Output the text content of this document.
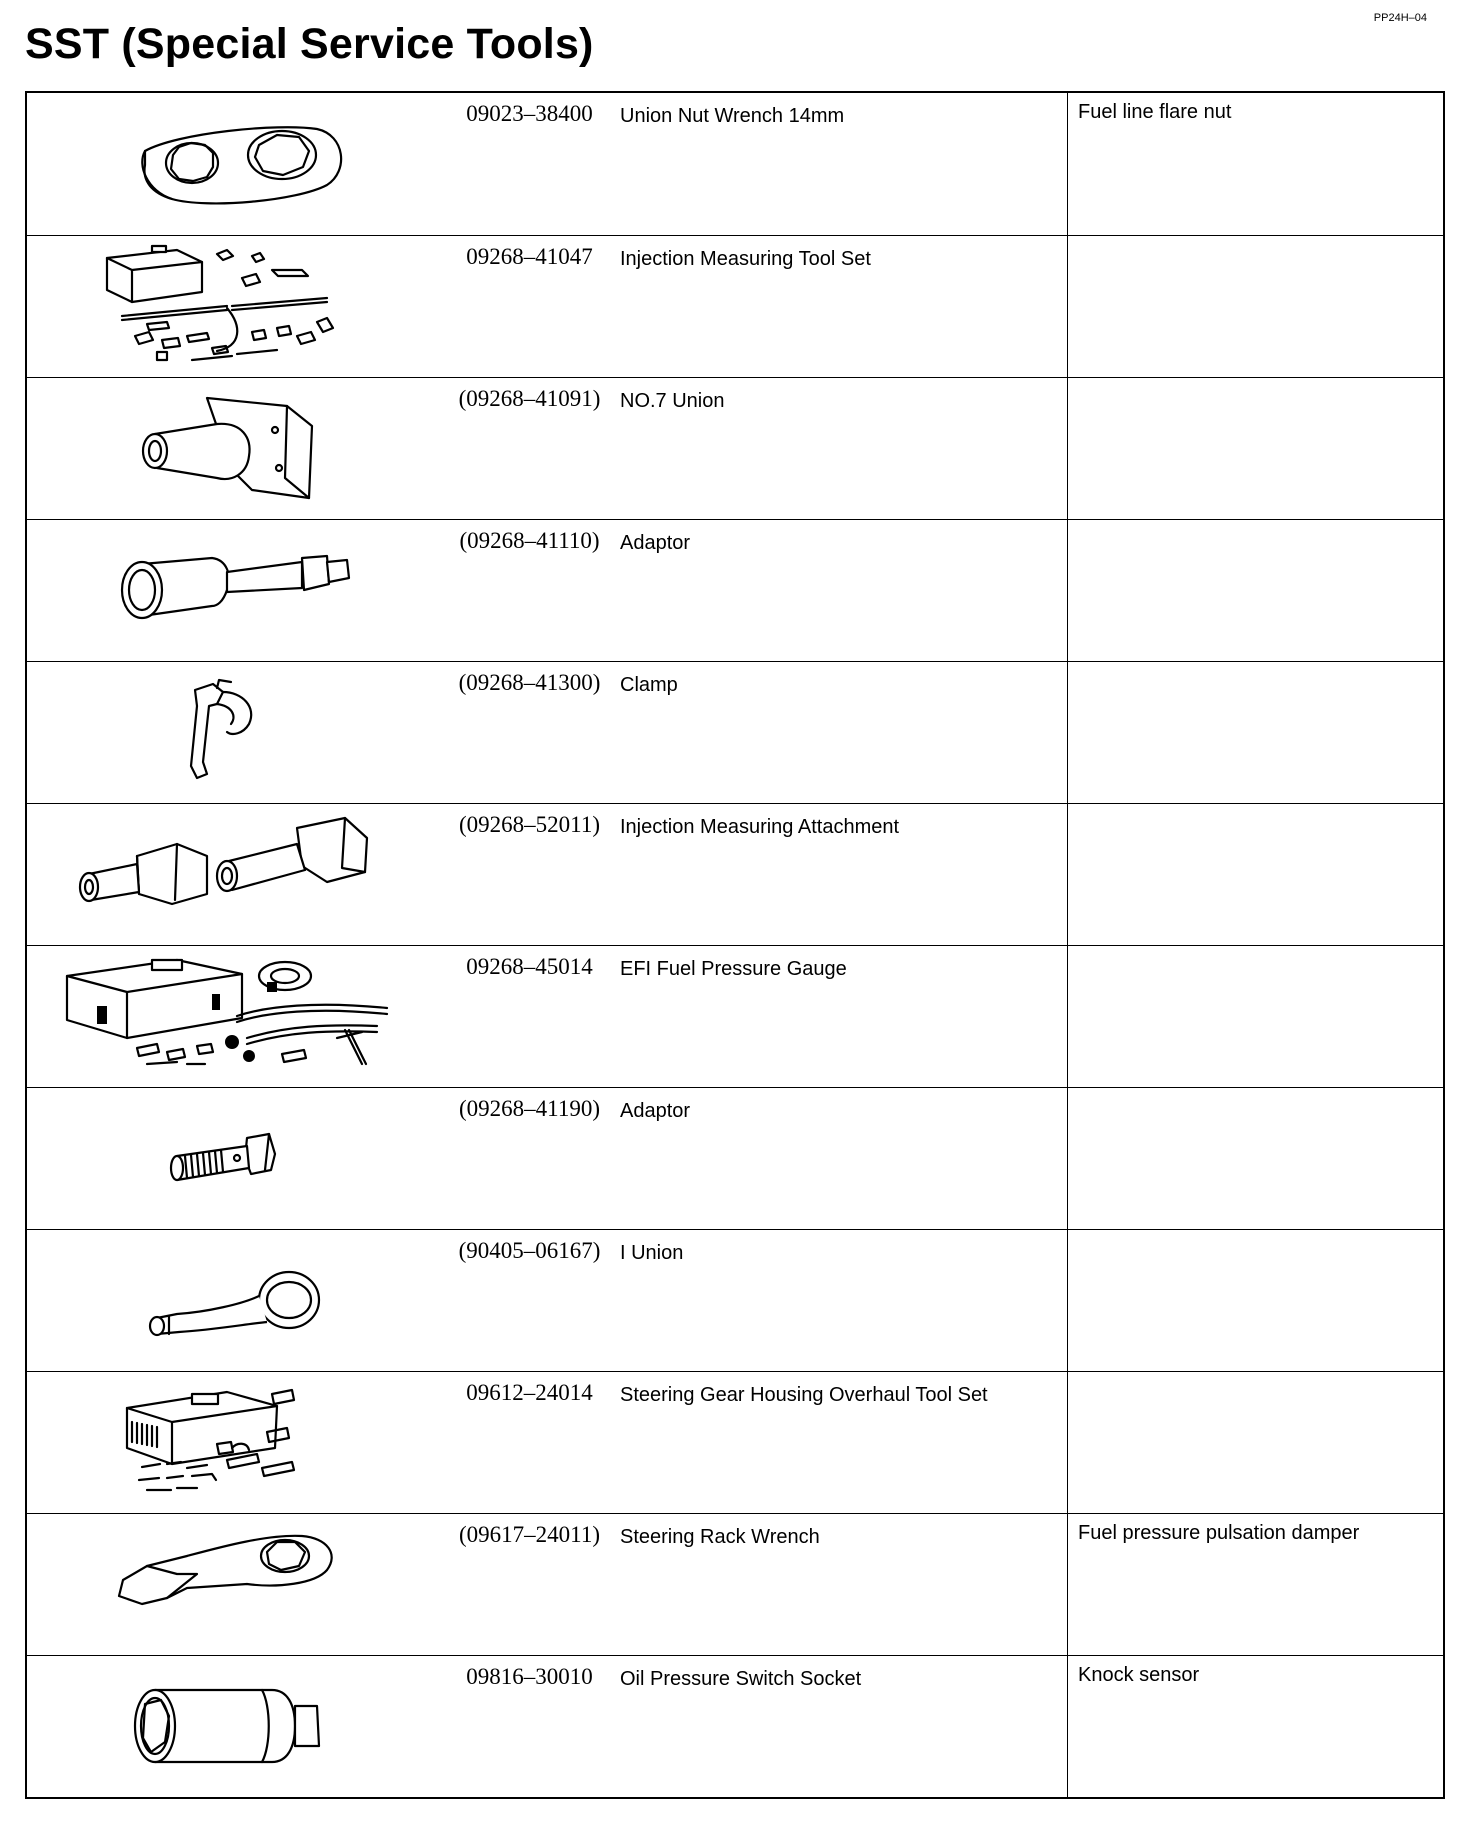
PP24H–04
SST (Special Service Tools)
09023–38400	Union Nut Wrench 14mm	Fuel line flare nut
09268–41047	Injection Measuring Tool Set
(09268–41091) NO.7 Union
(09268–41110)	Adaptor
(09268–41300) Clamp
(09268–52011)	Injection Measuring Attachment
09268–45014	EFI Fuel Pressure Gauge
(09268–41190)	Adaptor
(90405–06167) I Union
09612–24014	Steering Gear Housing Overhaul Tool Set
(09617–24011)	Steering Rack Wrench	Fuel pressure pulsation damper
09816–30010	Oil Pressure Switch Socket	Knock sensor
